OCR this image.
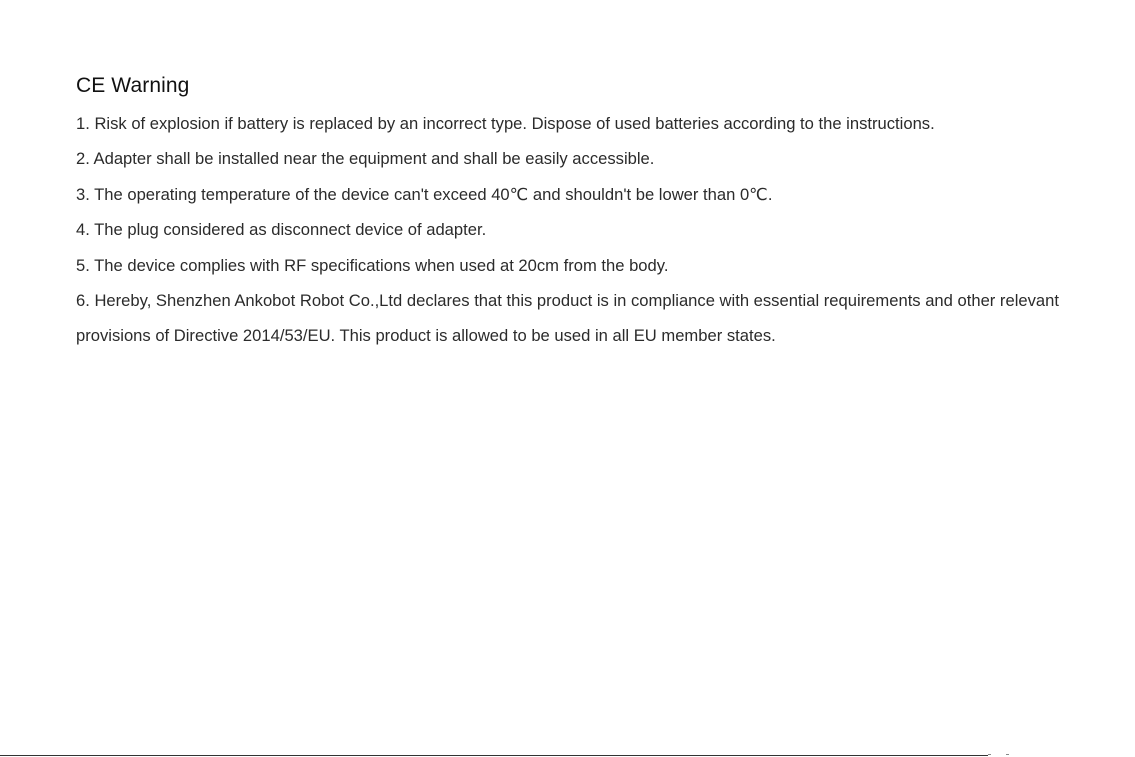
CE Warning
1. Risk of explosion if battery is replaced by an incorrect type. Dispose of used batteries according to the instructions.
2. Adapter shall be installed near the equipment and shall be easily accessible.
3. The operating temperature of the device can't exceed 40℃ and shouldn't be lower than 0℃.
4. The plug considered as disconnect device of adapter.
5. The device complies with RF specifications when used at 20cm from the body.
6. Hereby, Shenzhen Ankobot Robot Co.,Ltd declares that this product is in compliance with essential requirements and other relevant provisions of Directive 2014/53/EU. This product is allowed to be used in all EU member states.
